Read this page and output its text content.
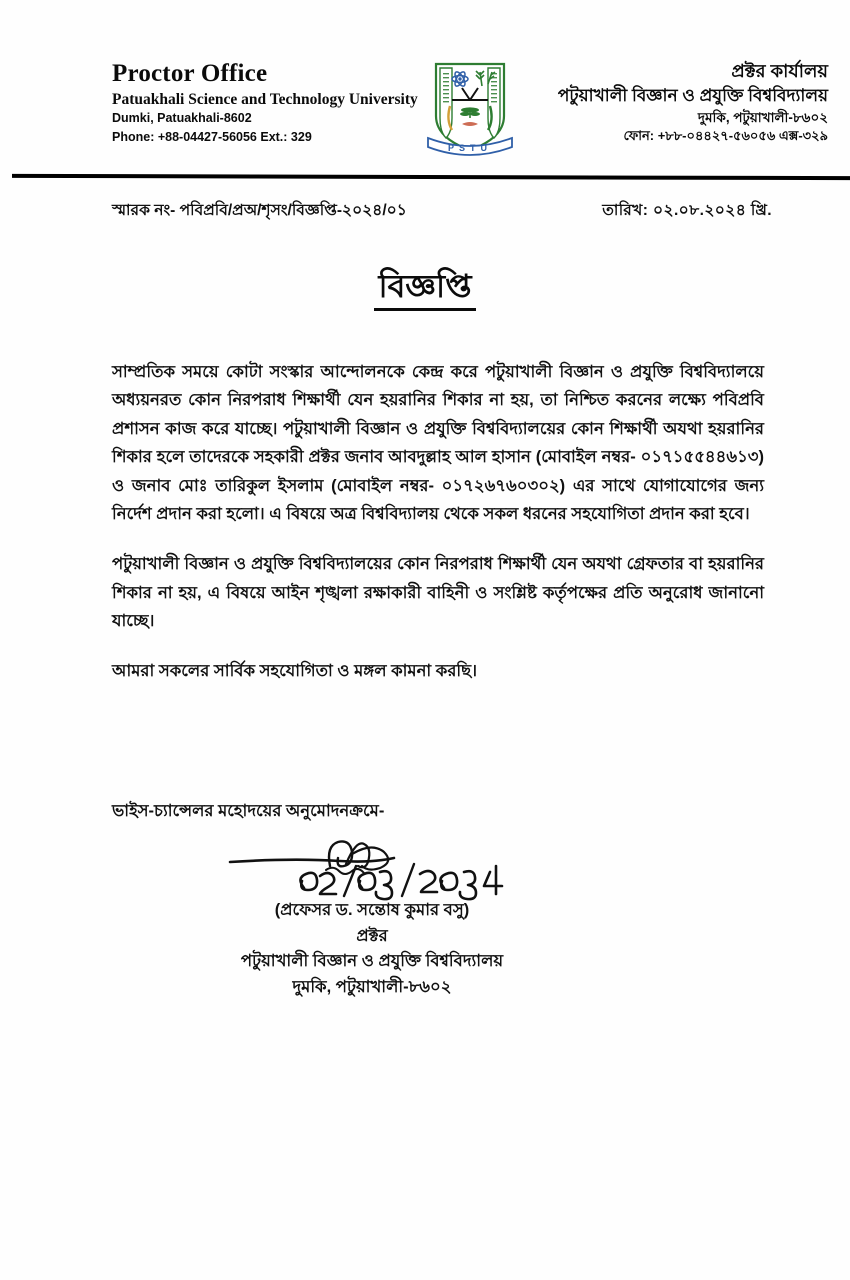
Proctor Office
Patuakhali Science and Technology University
Dumki, Patuakhali-8602
Phone: +88-04427-56056 Ext.: 329
PSTU
প্রক্টর কার্যালয়
পটুয়াখালী বিজ্ঞান ও প্রযুক্তি বিশ্ববিদ্যালয়
দুমকি, পটুয়াখালী-৮৬০২
ফোন: +৮৮-০৪৪২৭-৫৬০৫৬ এক্স-৩২৯
স্মারক নং- পবিপ্রবি/প্রঅ/শৃসং/বিজ্ঞপ্তি-২০২৪/০১	তারিখ: ০২.০৮.২০২৪ খ্রি.
বিজ্ঞপ্তি

সাম্প্রতিক সময়ে কোটা সংস্কার আন্দোলনকে কেন্দ্র করে পটুয়াখালী বিজ্ঞান ও প্রযুক্তি বিশ্ববিদ্যালয়ে অধ্যয়নরত কোন নিরপরাধ শিক্ষার্থী যেন হয়রানির শিকার না হয়, তা নিশ্চিত করনের লক্ষ্যে পবিপ্রবি প্রশাসন কাজ করে যাচ্ছে। পটুয়াখালী বিজ্ঞান ও প্রযুক্তি বিশ্ববিদ্যালয়ের কোন শিক্ষার্থী অযথা হয়রানির শিকার হলে তাদেরকে সহকারী প্রক্টর জনাব আবদুল্লাহ আল হাসান (মোবাইল নম্বর- ০১৭১৫৫৪৪৬১৩) ও জনাব মোঃ তারিকুল ইসলাম (মোবাইল নম্বর- ০১৭২৬৭৬০৩০২) এর সাথে যোগাযোগের জন্য নির্দেশ প্রদান করা হলো। এ বিষয়ে অত্র বিশ্ববিদ্যালয় থেকে সকল ধরনের সহযোগিতা প্রদান করা হবে।

পটুয়াখালী বিজ্ঞান ও প্রযুক্তি বিশ্ববিদ্যালয়ের কোন নিরপরাধ শিক্ষার্থী যেন অযথা গ্রেফতার বা হয়রানির শিকার না হয়, এ বিষয়ে আইন শৃঙ্খলা রক্ষাকারী বাহিনী ও সংশ্লিষ্ট কর্তৃপক্ষের প্রতি অনুরোধ জানানো যাচ্ছে।

আমরা সকলের সার্বিক সহযোগিতা ও মঙ্গল কামনা করছি।

ভাইস-চ্যান্সেলর মহোদয়ের অনুমোদনক্রমে-
(প্রফেসর ড. সন্তোষ কুমার বসু)
প্রক্টর
পটুয়াখালী বিজ্ঞান ও প্রযুক্তি বিশ্ববিদ্যালয়
দুমকি, পটুয়াখালী-৮৬০২
